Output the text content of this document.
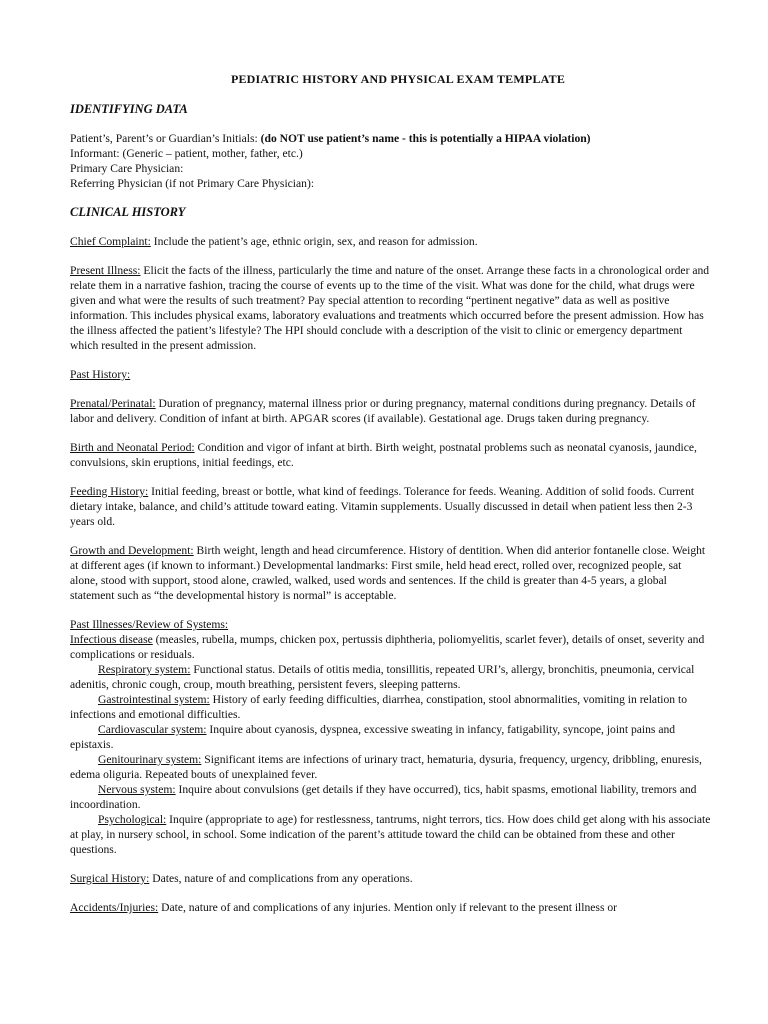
PEDIATRIC HISTORY AND PHYSICAL EXAM TEMPLATE
IDENTIFYING DATA

Patient’s, Parent’s or Guardian’s Initials: (do NOT use patient’s name - this is potentially a HIPAA violation)

Informant: (Generic – patient, mother, father, etc.)

Primary Care Physician:

Referring Physician (if not Primary Care Physician):

CLINICAL HISTORY

Chief Complaint: Include the patient’s age, ethnic origin, sex, and reason for admission.

Present Illness: Elicit the facts of the illness, particularly the time and nature of the onset. Arrange these facts in a chronological order and relate them in a narrative fashion, tracing the course of events up to the time of the visit. What was done for the child, what drugs were given and what were the results of such treatment? Pay special attention to recording “pertinent negative” data as well as positive information. This includes physical exams, laboratory evaluations and treatments which occurred before the present admission. How has the illness affected the patient’s lifestyle? The HPI should conclude with a description of the visit to clinic or emergency department which resulted in the present admission.

Past History:

Prenatal/Perinatal: Duration of pregnancy, maternal illness prior or during pregnancy, maternal conditions during pregnancy. Details of labor and delivery. Condition of infant at birth. APGAR scores (if available). Gestational age. Drugs taken during pregnancy.

Birth and Neonatal Period: Condition and vigor of infant at birth. Birth weight, postnatal problems such as neonatal cyanosis, jaundice, convulsions, skin eruptions, initial feedings, etc.

Feeding History: Initial feeding, breast or bottle, what kind of feedings. Tolerance for feeds. Weaning. Addition of solid foods. Current dietary intake, balance, and child’s attitude toward eating. Vitamin supplements. Usually discussed in detail when patient less then 2-3 years old.

Growth and Development: Birth weight, length and head circumference. History of dentition. When did anterior fontanelle close. Weight at different ages (if known to informant.) Developmental landmarks: First smile, held head erect, rolled over, recognized people, sat alone, stood with support, stood alone, crawled, walked, used words and sentences. If the child is greater than 4-5 years, a global statement such as “the developmental history is normal” is acceptable.

Past Illnesses/Review of Systems:

Infectious disease (measles, rubella, mumps, chicken pox, pertussis diphtheria, poliomyelitis, scarlet fever), details of onset, severity and complications or residuals.

Respiratory system: Functional status. Details of otitis media, tonsillitis, repeated URI’s, allergy, bronchitis, pneumonia, cervical adenitis, chronic cough, croup, mouth breathing, persistent fevers, sleeping patterns.

Gastrointestinal system: History of early feeding difficulties, diarrhea, constipation, stool abnormalities, vomiting in relation to infections and emotional difficulties.

Cardiovascular system: Inquire about cyanosis, dyspnea, excessive sweating in infancy, fatigability, syncope, joint pains and epistaxis.

Genitourinary system: Significant items are infections of urinary tract, hematuria, dysuria, frequency, urgency, dribbling, enuresis, edema oliguria. Repeated bouts of unexplained fever.

Nervous system: Inquire about convulsions (get details if they have occurred), tics, habit spasms, emotional liability, tremors and incoordination.

Psychological: Inquire (appropriate to age) for restlessness, tantrums, night terrors, tics. How does child get along with his associate at play, in nursery school, in school. Some indication of the parent’s attitude toward the child can be obtained from these and other questions.

Surgical History: Dates, nature of and complications from any operations.

Accidents/Injuries: Date, nature of and complications of any injuries. Mention only if relevant to the present illness or
